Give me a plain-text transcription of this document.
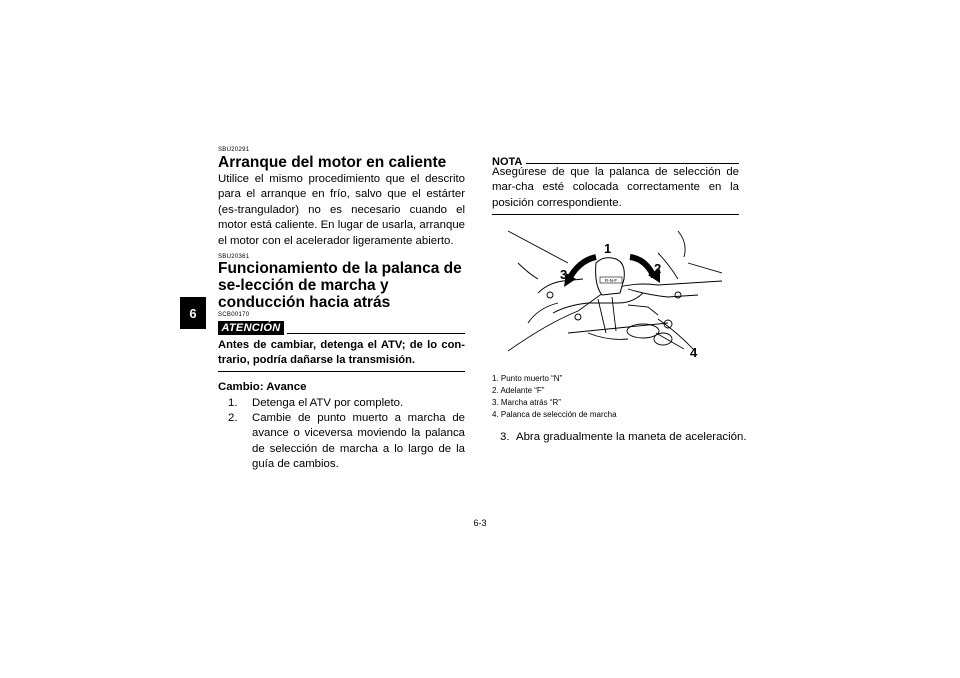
6
SBU20291
Arranque del motor en caliente

Utilice el mismo procedimiento que el descrito para el arranque en frío, salvo que el estárter (es-trangulador) no es necesario cuando el motor está caliente. En lugar de usarla, arranque el motor con el acelerador ligeramente abierto.

SBU20361
Funcionamiento de la palanca de se-lección de marcha y conducción hacia atrás
SCB00170
ATENCIÓN

Antes de cambiar, detenga el ATV; de lo con-trario, podría dañarse la transmisión.

Cambio: Avance
1. Detenga el ATV por completo.
2. Cambie de punto muerto a marcha de avance o viceversa moviendo la palanca de selección de marcha a lo largo de la guía de cambios.
NOTA

Asegúrese de que la palanca de selección de mar-cha esté colocada correctamente en la posición correspondiente.

R-N-F
1
2
3
4
1. Punto muerto “N”
2. Adelante “F”
3. Marcha atrás “R”
4. Palanca de selección de marcha
3. Abra gradualmente la maneta de aceleración.
6-3
